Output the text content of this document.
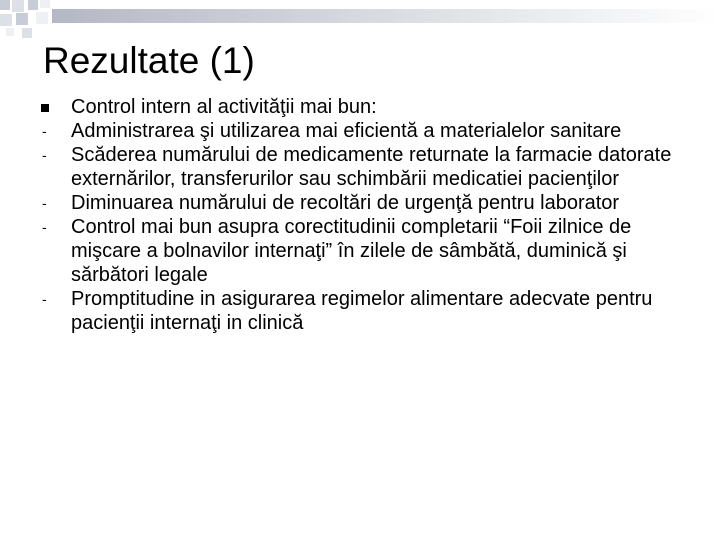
Rezultate (1)
Control intern al activităţii mai bun:
- Administrarea şi utilizarea mai eficientă a materialelor sanitare
- Scăderea numărului de medicamente returnate la farmacie datorate externărilor, transferurilor sau schimbării medicatiei pacienţilor
- Diminuarea numărului de recoltări de urgenţă pentru laborator
- Control mai bun asupra corectitudinii completarii “Foii zilnice de mişcare a bolnavilor internaţi” în zilele de sâmbătă, duminică şi sărbători legale
- Promptitudine in asigurarea regimelor alimentare adecvate pentru pacienţii internaţi in clinică
